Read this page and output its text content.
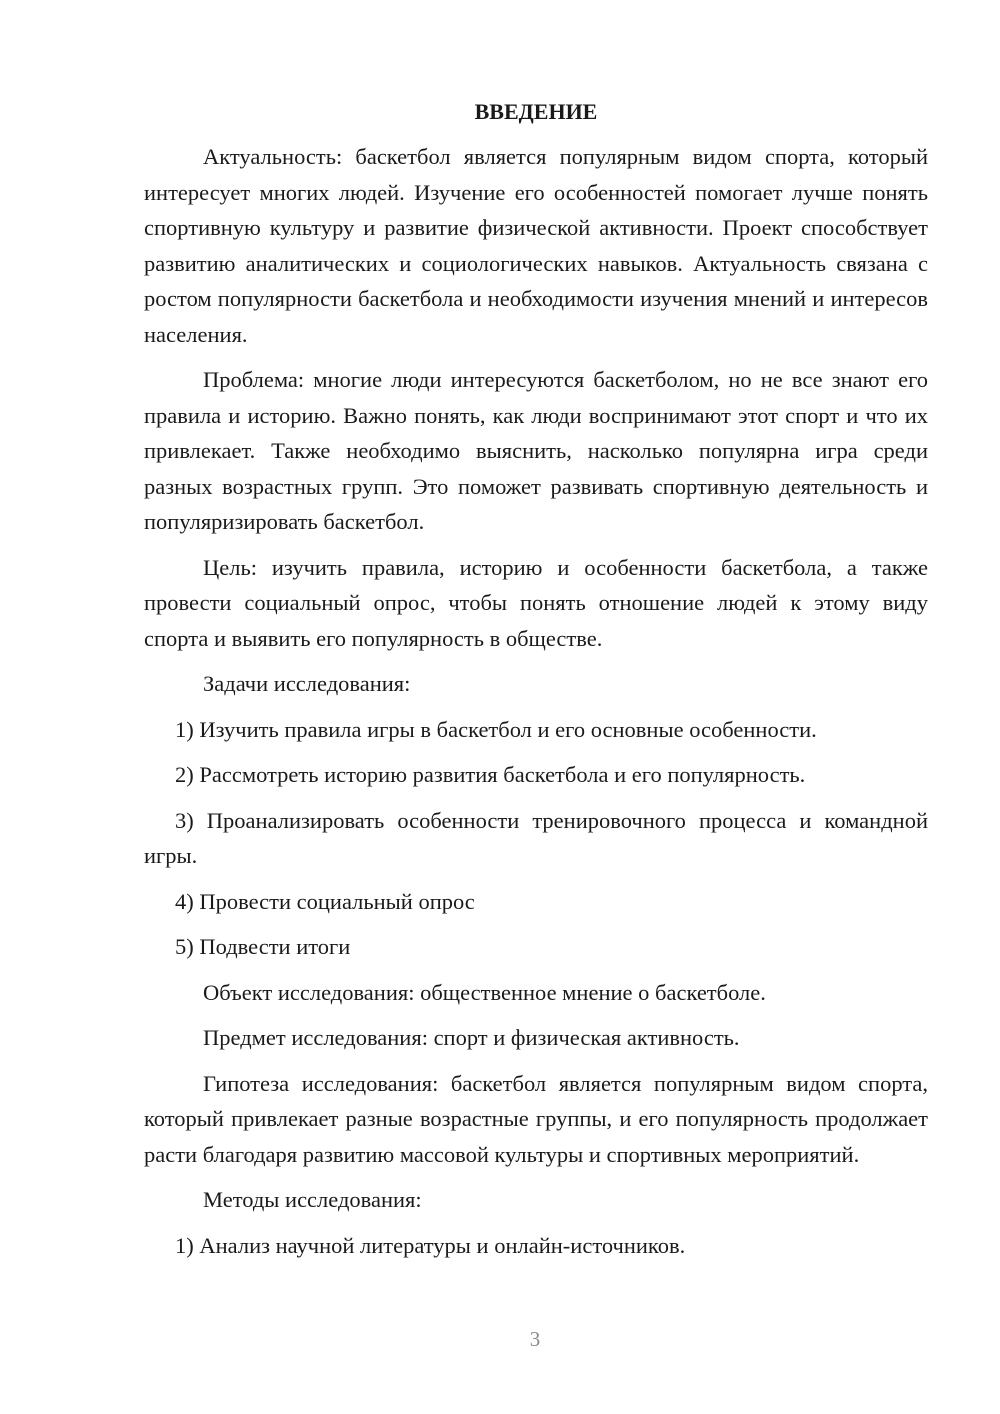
ВВЕДЕНИЕ

Актуальность: баскетбол является популярным видом спорта, который интересует многих людей. Изучение его особенностей помогает лучше понять спортивную культуру и развитие физической активности. Проект способствует развитию аналитических и социологических навыков. Актуальность связана с ростом популярности баскетбола и необходимости изучения мнений и интересов населения.

Проблема: многие люди интересуются баскетболом, но не все знают его правила и историю. Важно понять, как люди воспринимают этот спорт и что их привлекает. Также необходимо выяснить, насколько популярна игра среди разных возрастных групп. Это поможет развивать спортивную деятельность и популяризировать баскетбол.

Цель: изучить правила, историю и особенности баскетбола, а также провести социальный опрос, чтобы понять отношение людей к этому виду спорта и выявить его популярность в обществе.

Задачи исследования:

1) Изучить правила игры в баскетбол и его основные особенности.

2) Рассмотреть историю развития баскетбола и его популярность.

3) Проанализировать особенности тренировочного процесса и командной игры.

4) Провести социальный опрос

5) Подвести итоги

Объект исследования: общественное мнение о баскетболе.

Предмет исследования: спорт и физическая активность.

Гипотеза исследования: баскетбол является популярным видом спорта, который привлекает разные возрастные группы, и его популярность продолжает расти благодаря развитию массовой культуры и спортивных мероприятий.

Методы исследования:

1) Анализ научной литературы и онлайн-источников.

3
